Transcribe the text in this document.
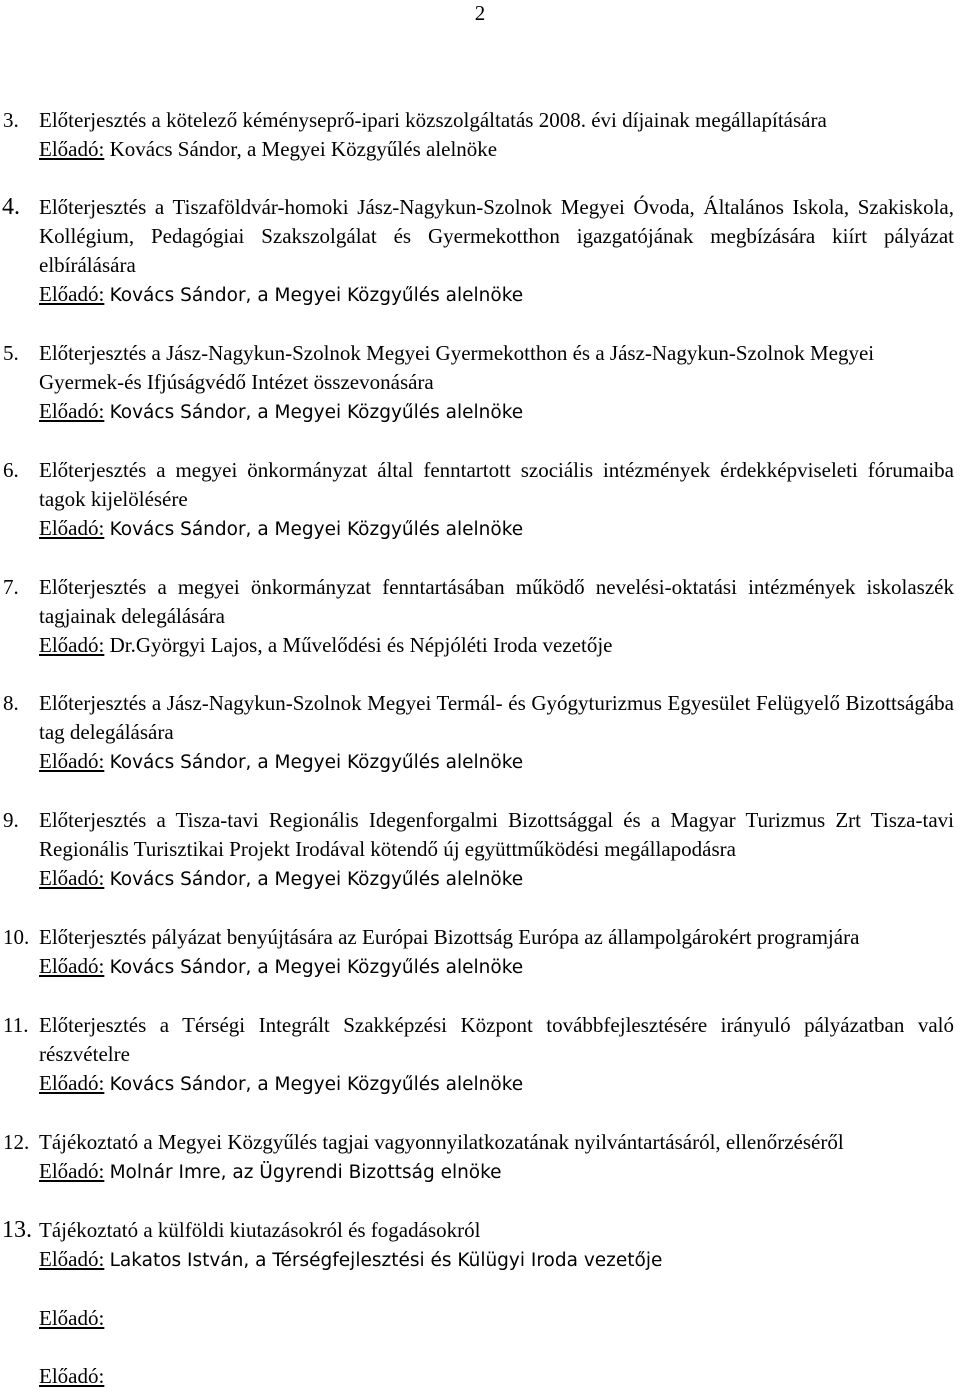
2
3. Előterjesztés a kötelező kéményseprő-ipari közszolgáltatás 2008. évi díjainak megállapítására
Előadó: Kovács Sándor, a Megyei Közgyűlés alelnöke
4. Előterjesztés a Tiszaföldvár-homoki Jász-Nagykun-Szolnok Megyei Óvoda, Általános Iskola, Szakiskola, Kollégium, Pedagógiai Szakszolgálat és Gyermekotthon igazgatójának megbízására kiírt pályázat elbírálására
Előadó: Kovács Sándor, a Megyei Közgyűlés alelnöke
5. Előterjesztés a Jász-Nagykun-Szolnok Megyei Gyermekotthon és a Jász-Nagykun-Szolnok Megyei Gyermek-és Ifjúságvédő Intézet összevonására
Előadó: Kovács Sándor, a Megyei Közgyűlés alelnöke
6. Előterjesztés a megyei önkormányzat által fenntartott szociális intézmények érdekképviseleti fórumaiba tagok kijelölésére
Előadó: Kovács Sándor, a Megyei Közgyűlés alelnöke
7. Előterjesztés a megyei önkormányzat fenntartásában működő nevelési-oktatási intézmények iskolaszék tagjainak delegálására
Előadó: Dr.Györgyi Lajos, a Művelődési és Népjóléti Iroda vezetője
8. Előterjesztés a Jász-Nagykun-Szolnok Megyei Termál- és Gyógyturizmus Egyesület Felügyelő Bizottságába tag delegálására
Előadó: Kovács Sándor, a Megyei Közgyűlés alelnöke
9. Előterjesztés a Tisza-tavi Regionális Idegenforgalmi Bizottsággal és a Magyar Turizmus Zrt Tisza-tavi Regionális Turisztikai Projekt Irodával kötendő új együttműködési megállapodásra
Előadó: Kovács Sándor, a Megyei Közgyűlés alelnöke
10. Előterjesztés pályázat benyújtására az Európai Bizottság Európa az állampolgárokért programjára
Előadó: Kovács Sándor, a Megyei Közgyűlés alelnöke
11. Előterjesztés a Térségi Integrált Szakképzési Központ továbbfejlesztésére irányuló pályázatban való részvételre
Előadó: Kovács Sándor, a Megyei Közgyűlés alelnöke
12. Tájékoztató a Megyei Közgyűlés tagjai vagyonnyilatkozatának nyilvántartásáról, ellenőrzéséről
Előadó: Molnár Imre, az Ügyrendi Bizottság elnöke
13. Tájékoztató a külföldi kiutazásokról és fogadásokról
Előadó: Lakatos István, a Térségfejlesztési és Külügyi Iroda vezetője
Előadó:
Előadó:
